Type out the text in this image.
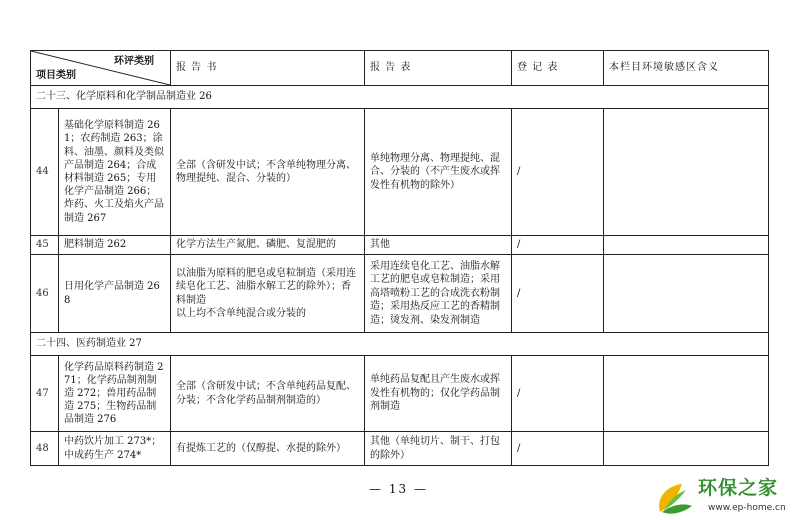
环评类别
项目类别		报 告 书	报 告 表	登 记 表	本栏目环境敏感区含义
二十三、化学原料和化学制品制造业 26					
44	基础化学原料制造 261；农药制造 263；涂料、油墨、颜料及类似产品制造 264；合成材料制造 265；专用化学产品制造 266；炸药、火工及焰火产品制造 267	全部（含研发中试；不含单纯物理分离、物理提纯、混合、分装的）	单纯物理分离、物理提纯、混合、分装的（不产生废水或挥发性有机物的除外）	/	
45	肥料制造 262	化学方法生产氮肥、磷肥、复混肥的	其他	/	
46	日用化学产品制造 268	以油脂为原料的肥皂或皂粒制造（采用连续皂化工艺、油脂水解工艺的除外）；香料制造
以上均不含单纯混合或分装的	采用连续皂化工艺、油脂水解工艺的肥皂或皂粒制造；采用高塔喷粉工艺的合成洗衣粉制造；采用热反应工艺的香精制造；烫发剂、染发剂制造	/	
二十四、医药制造业 27					
47	化学药品原料药制造 271；化学药品制剂制造 272；兽用药品制造 275；生物药品制品制造 276	全部（含研发中试；不含单纯药品复配、分装；不含化学药品制剂制造的）	单纯药品复配且产生废水或挥发性有机物的；仅化学药品制剂制造	/	
48	中药饮片加工 273*；中成药生产 274*	有提炼工艺的（仅醇提、水提的除外）	其他（单纯切片、制干、打包的除外）	/	
— 13 —	环保之家
www.ep-home.cn
